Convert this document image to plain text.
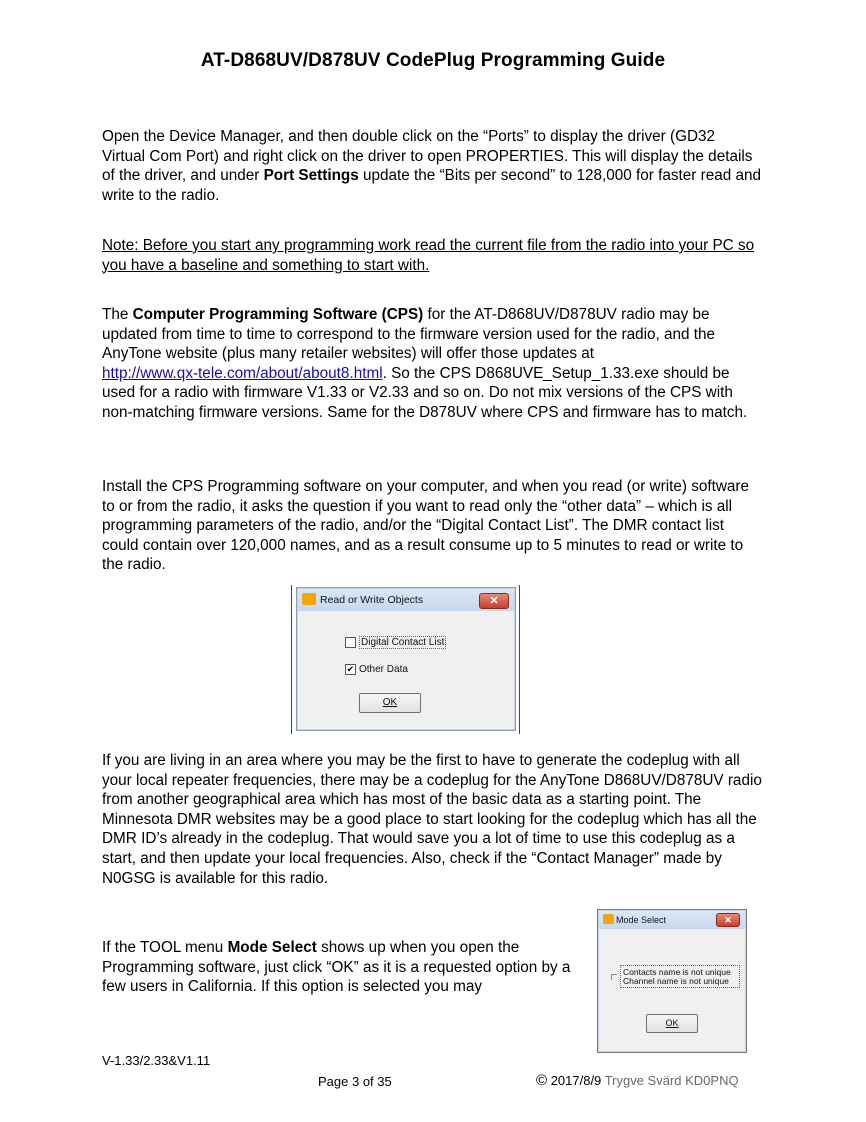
AT-D868UV/D878UV CodePlug Programming Guide
Open the Device Manager, and then double click on the “Ports” to display the driver (GD32 Virtual Com Port) and right click on the driver to open PROPERTIES. This will display the details of the driver, and under Port Settings update the “Bits per second” to 128,000 for faster read and write to the radio.
Note: Before you start any programming work read the current file from the radio into your PC so you have a baseline and something to start with.
The Computer Programming Software (CPS) for the AT-D868UV/D878UV radio may be updated from time to time to correspond to the firmware version used for the radio, and the AnyTone website (plus many retailer websites) will offer those updates at
http://www.qx-tele.com/about/about8.html. So the CPS D868UVE_Setup_1.33.exe should be used for a radio with firmware V1.33 or V2.33 and so on. Do not mix versions of the CPS with non-matching firmware versions. Same for the D878UV where CPS and firmware has to match.
Install the CPS Programming software on your computer, and when you read (or write) software to or from the radio, it asks the question if you want to read only the “other data” – which is all programming parameters of the radio, and/or the “Digital Contact List”. The DMR contact list could contain over 120,000 names, and as a result consume up to 5 minutes to read or write to the radio.
Read or Write Objects	✕
Digital Contact List
✔ Other Data
OK
If you are living in an area where you may be the first to have to generate the codeplug with all your local repeater frequencies, there may be a codeplug for the AnyTone D868UV/D878UV radio from another geographical area which has most of the basic data as a starting point. The Minnesota DMR websites may be a good place to start looking for the codeplug which has all the DMR ID’s already in the codeplug. That would save you a lot of time to use this codeplug as a start, and then update your local frequencies. Also, check if the “Contact Manager” made by N0GSG is available for this radio.
If the TOOL menu Mode Select shows up when you open the Programming software, just click “OK” as it is a requested option by a few users in California. If this option is selected you may
Mode Select	✕
Contacts name is not unique
Channel name is not unique
OK
V-1.33/2.33&V1.11
Page 3 of 35	© 2017/8/9 Trygve Svärd KD0PNQ
